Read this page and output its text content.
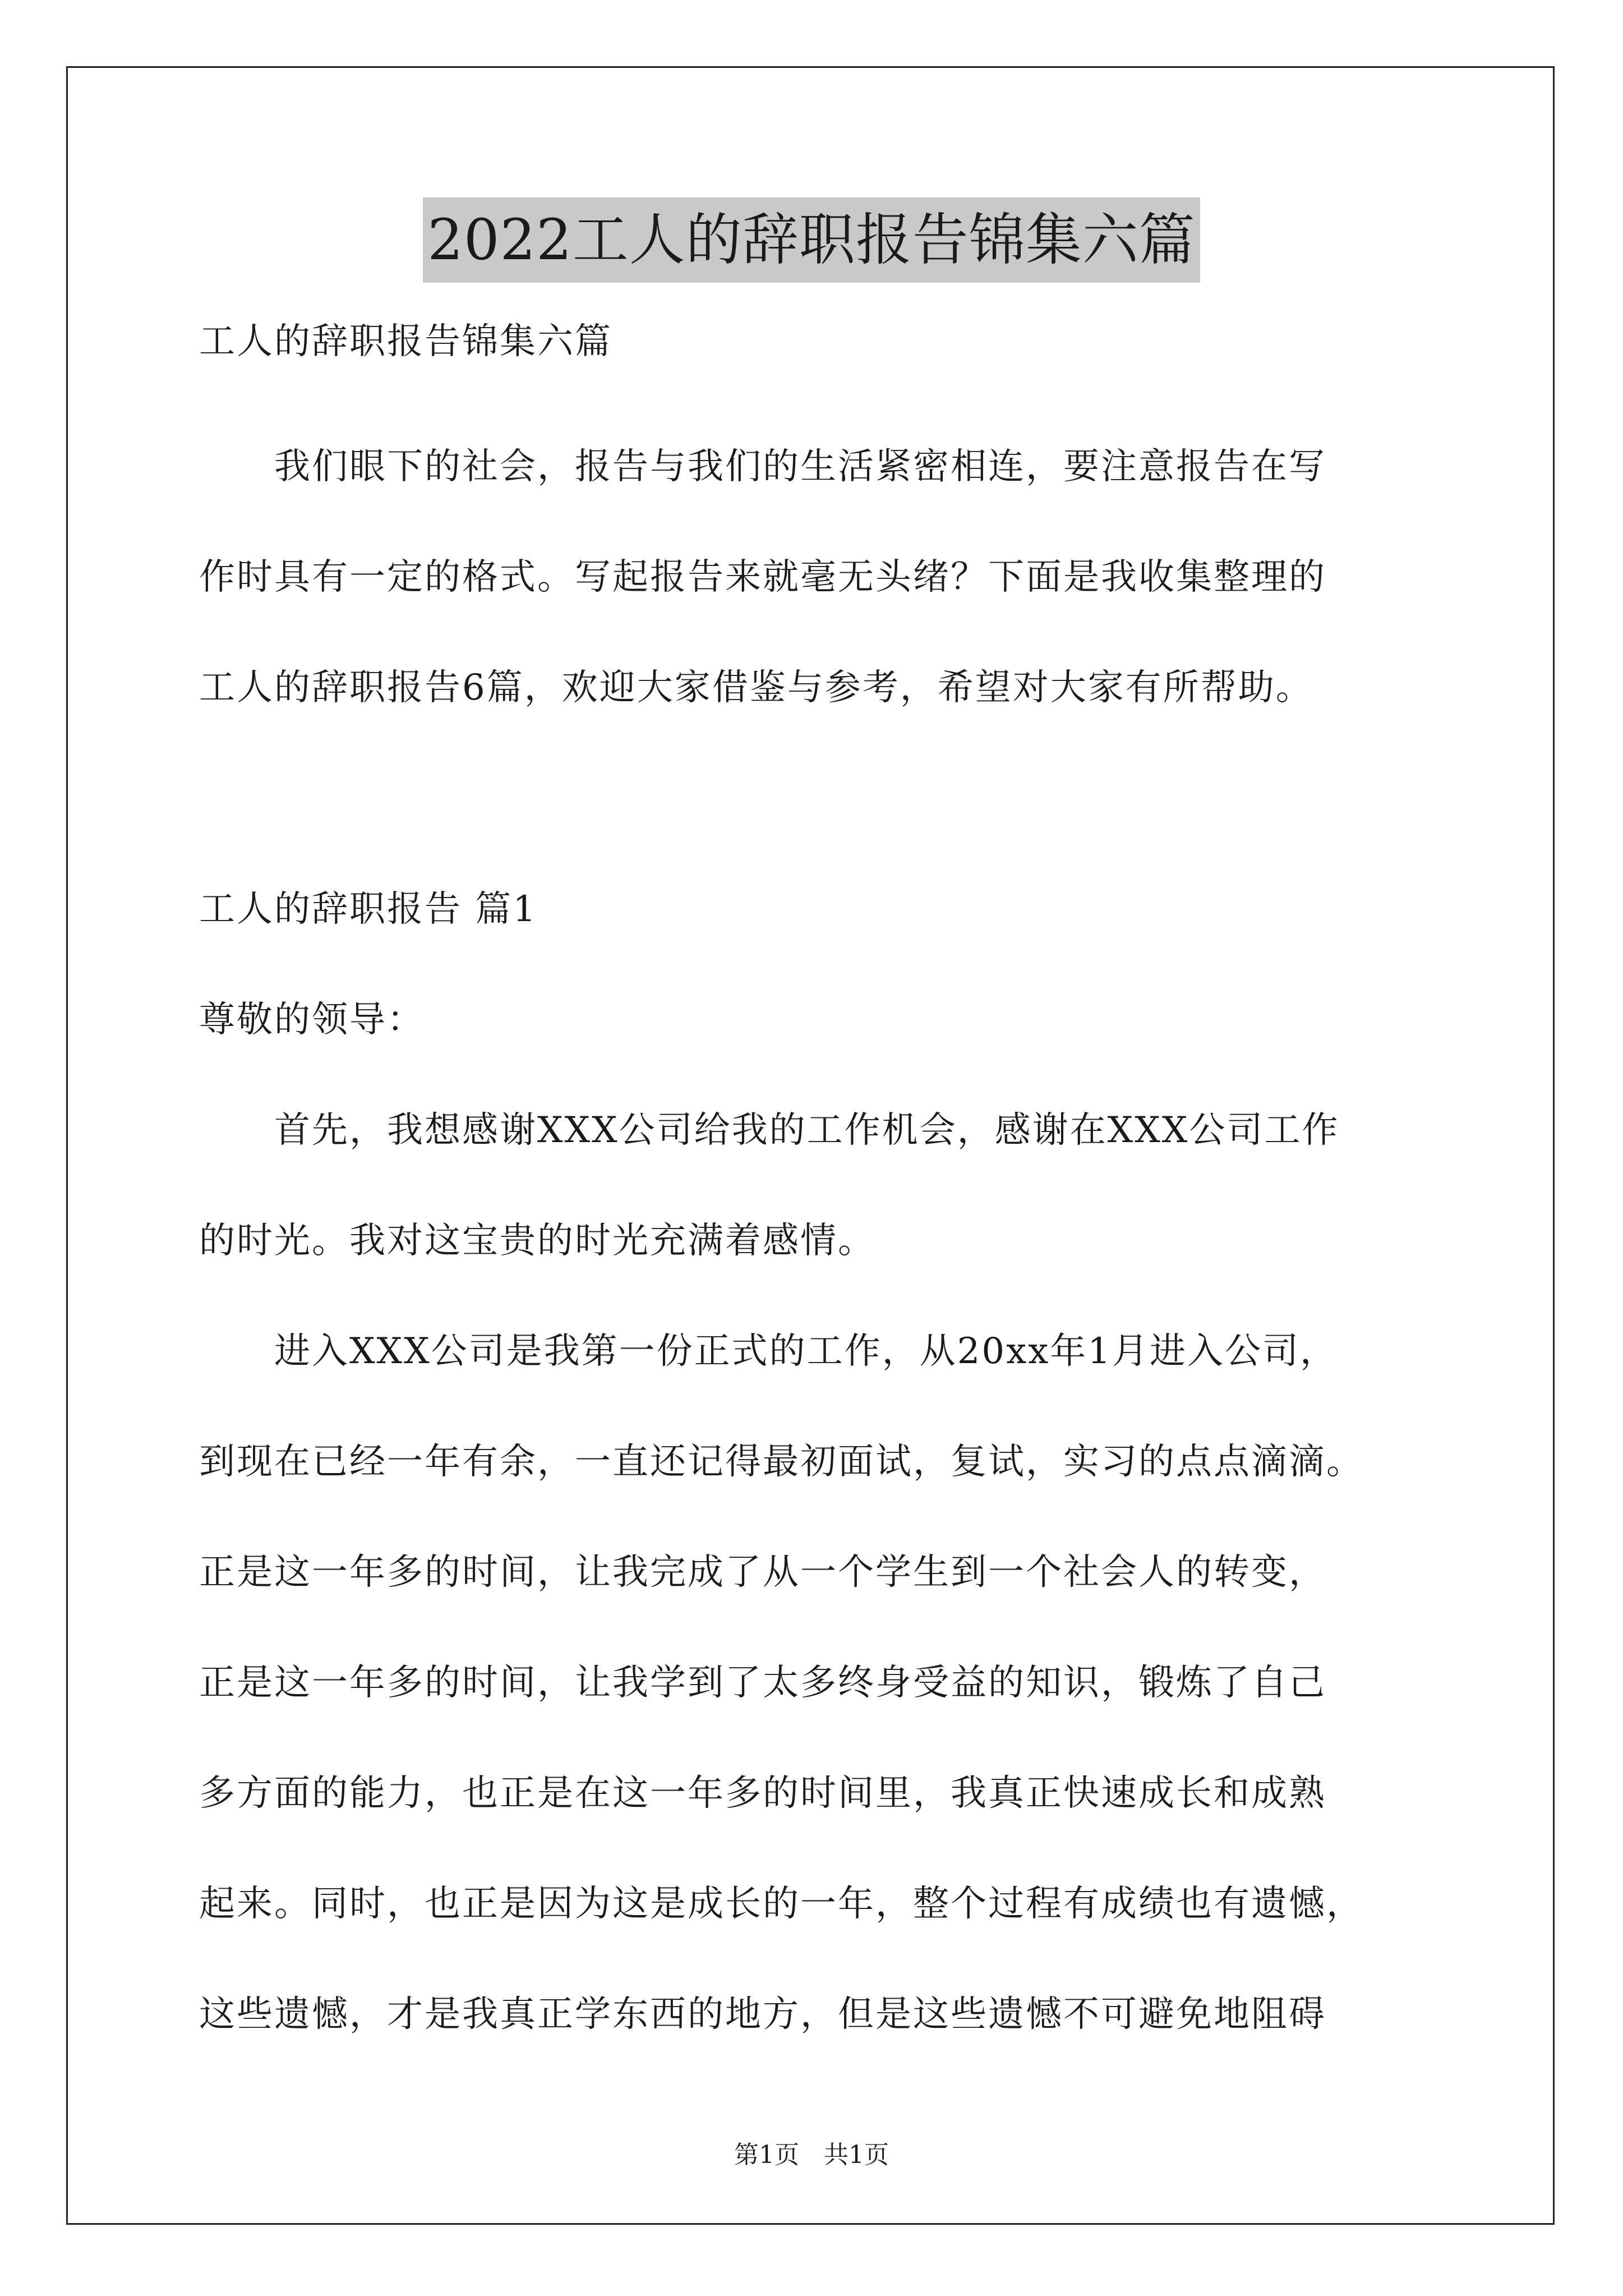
2022工人的辞职报告锦集六篇
工人的辞职报告锦集六篇
　　我们眼下的社会，报告与我们的生活紧密相连，要注意报告在写
作时具有一定的格式。写起报告来就毫无头绪？下面是我收集整理的
工人的辞职报告6篇，欢迎大家借鉴与参考，希望对大家有所帮助。
工人的辞职报告 篇1
尊敬的领导：
　　首先，我想感谢XXX公司给我的工作机会，感谢在XXX公司工作
的时光。我对这宝贵的时光充满着感情。
　　进入XXX公司是我第一份正式的工作，从20xx年1月进入公司，
到现在已经一年有余，一直还记得最初面试，复试，实习的点点滴滴。
正是这一年多的时间，让我完成了从一个学生到一个社会人的转变，
正是这一年多的时间，让我学到了太多终身受益的知识，锻炼了自己
多方面的能力，也正是在这一年多的时间里，我真正快速成长和成熟
起来。同时，也正是因为这是成长的一年，整个过程有成绩也有遗憾，
这些遗憾，才是我真正学东西的地方，但是这些遗憾不可避免地阻碍
第1页　共1页
